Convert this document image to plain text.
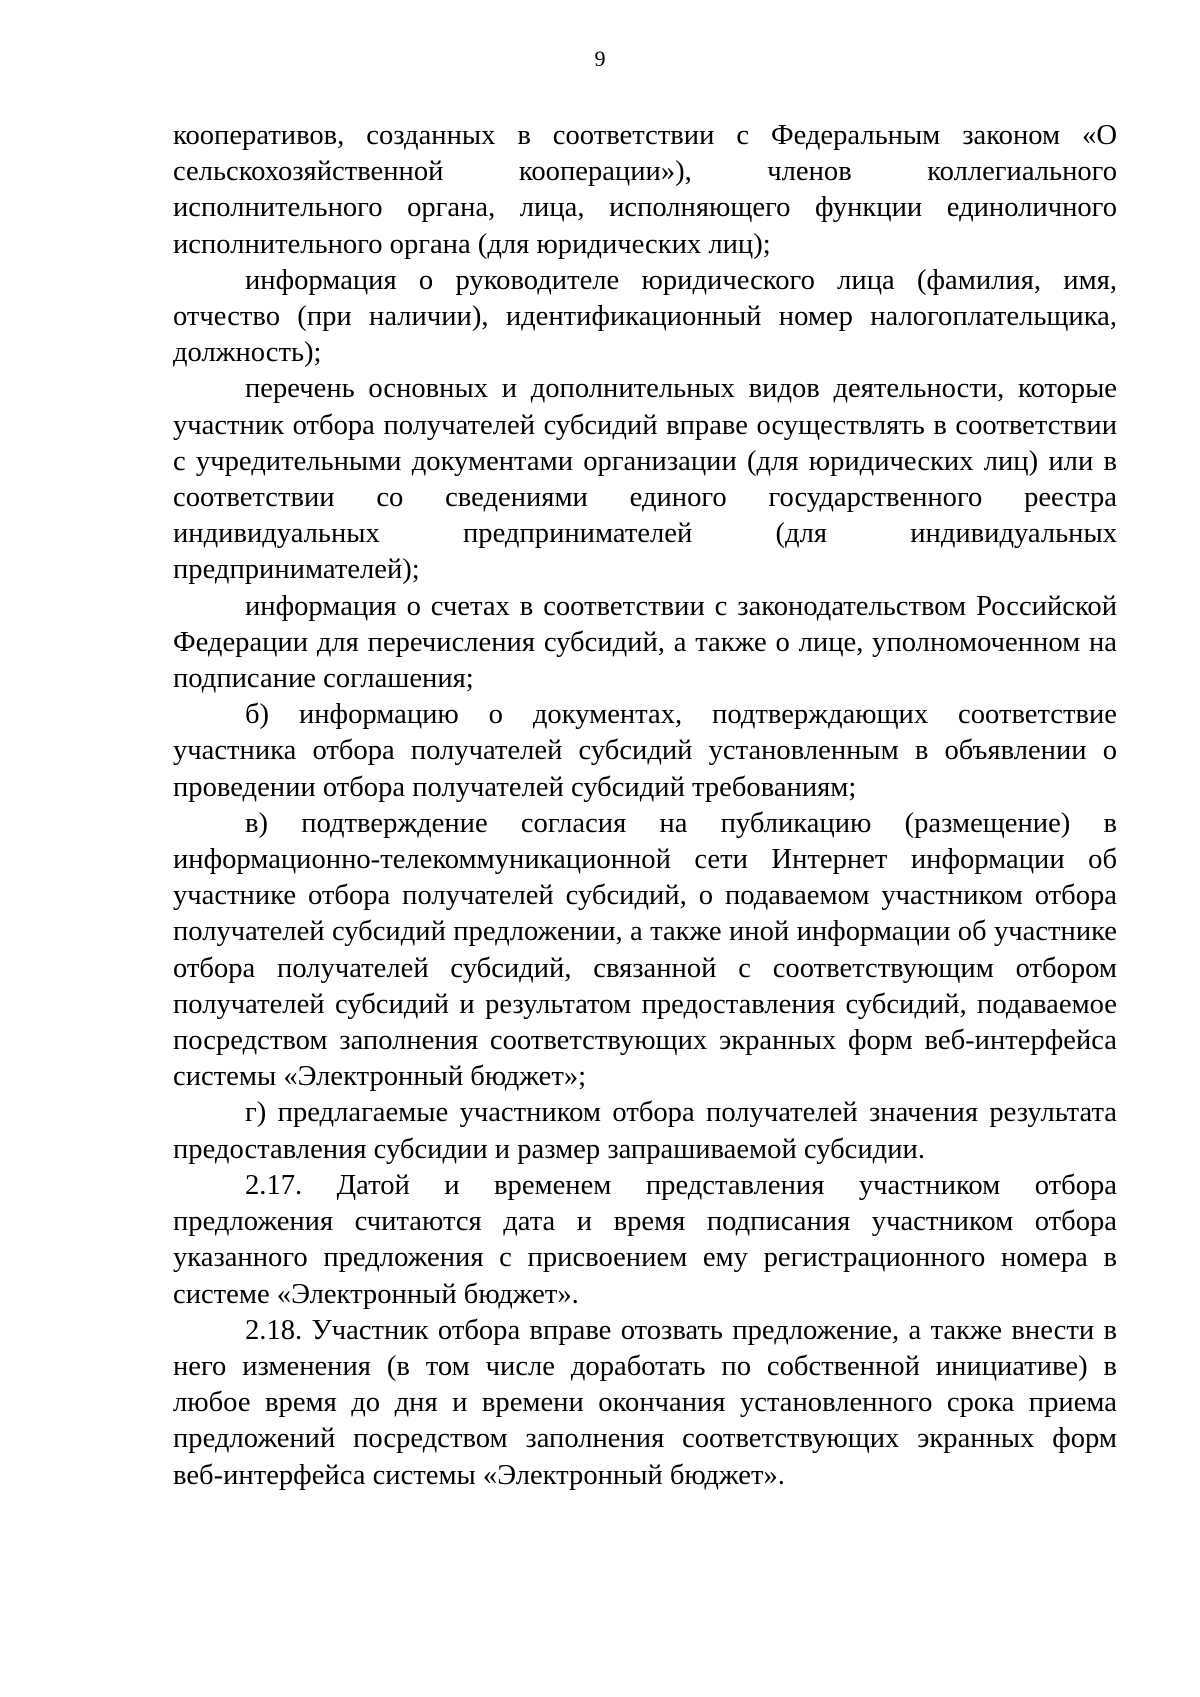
9

кооперативов, созданных в соответствии с Федеральным законом «О сельскохозяйственной кооперации»), членов коллегиального исполнительного органа, лица, исполняющего функции единоличного исполнительного органа (для юридических лиц);

информация о руководителе юридического лица (фамилия, имя, отчество (при наличии), идентификационный номер налогоплательщика, должность);

перечень основных и дополнительных видов деятельности, которые участник отбора получателей субсидий вправе осуществлять в соответствии с учредительными документами организации (для юридических лиц) или в соответствии со сведениями единого государственного реестра индивидуальных предпринимателей (для индивидуальных предпринимателей);

информация о счетах в соответствии с законодательством Российской Федерации для перечисления субсидий, а также о лице, уполномоченном на подписание соглашения;

б) информацию о документах, подтверждающих соответствие участника отбора получателей субсидий установленным в объявлении о проведении отбора получателей субсидий требованиям;

в) подтверждение согласия на публикацию (размещение) в информационно-телекоммуникационной сети Интернет информации об участнике отбора получателей субсидий, о подаваемом участником отбора получателей субсидий предложении, а также иной информации об участнике отбора получателей субсидий, связанной с соответствующим отбором получателей субсидий и результатом предоставления субсидий, подаваемое посредством заполнения соответствующих экранных форм веб-интерфейса системы «Электронный бюджет»;

г) предлагаемые участником отбора получателей значения результата предоставления субсидии и размер запрашиваемой субсидии.

2.17. Датой и временем представления участником отбора предложения считаются дата и время подписания участником отбора указанного предложения с присвоением ему регистрационного номера в системе «Электронный бюджет».

2.18. Участник отбора вправе отозвать предложение, а также внести в него изменения (в том числе доработать по собственной инициативе) в любое время до дня и времени окончания установленного срока приема предложений посредством заполнения соответствующих экранных форм веб-интерфейса системы «Электронный бюджет».
